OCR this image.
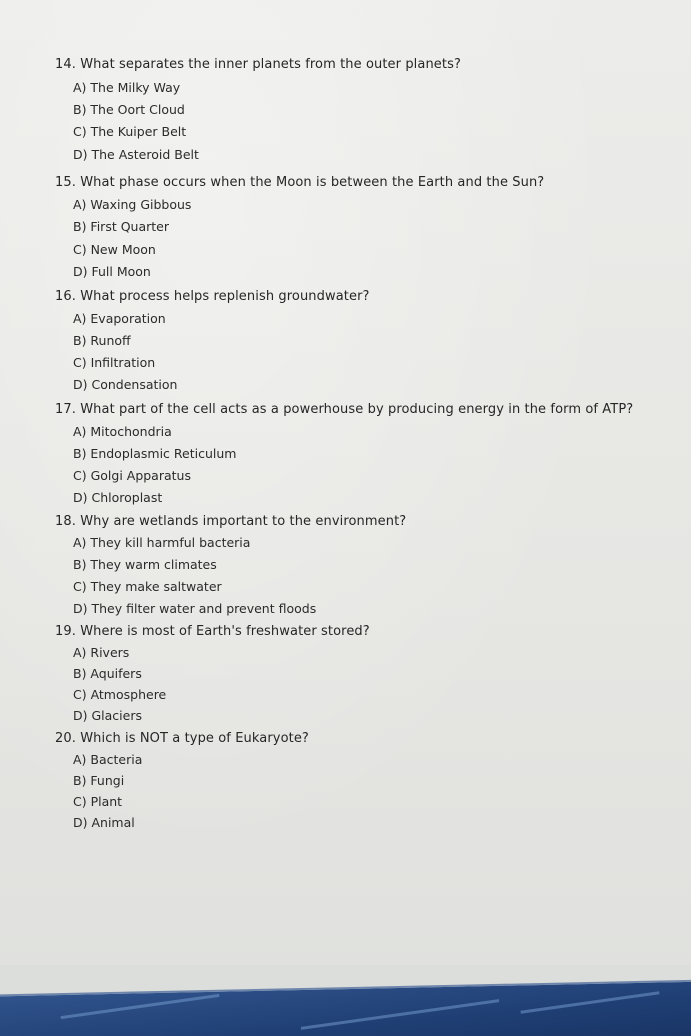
14. What separates the inner planets from the outer planets?
A) The Milky Way
B) The Oort Cloud
C) The Kuiper Belt
D) The Asteroid Belt
15. What phase occurs when the Moon is between the Earth and the Sun?
A) Waxing Gibbous
B) First Quarter
C) New Moon
D) Full Moon
16. What process helps replenish groundwater?
A) Evaporation
B) Runoff
C) Infiltration
D) Condensation
17. What part of the cell acts as a powerhouse by producing energy in the form of ATP?
A) Mitochondria
B) Endoplasmic Reticulum
C) Golgi Apparatus
D) Chloroplast
18. Why are wetlands important to the environment?
A) They kill harmful bacteria
B) They warm climates
C) They make saltwater
D) They filter water and prevent floods
19. Where is most of Earth's freshwater stored?
A) Rivers
B) Aquifers
C) Atmosphere
D) Glaciers
20. Which is NOT a type of Eukaryote?
A) Bacteria
B) Fungi
C) Plant
D) Animal
